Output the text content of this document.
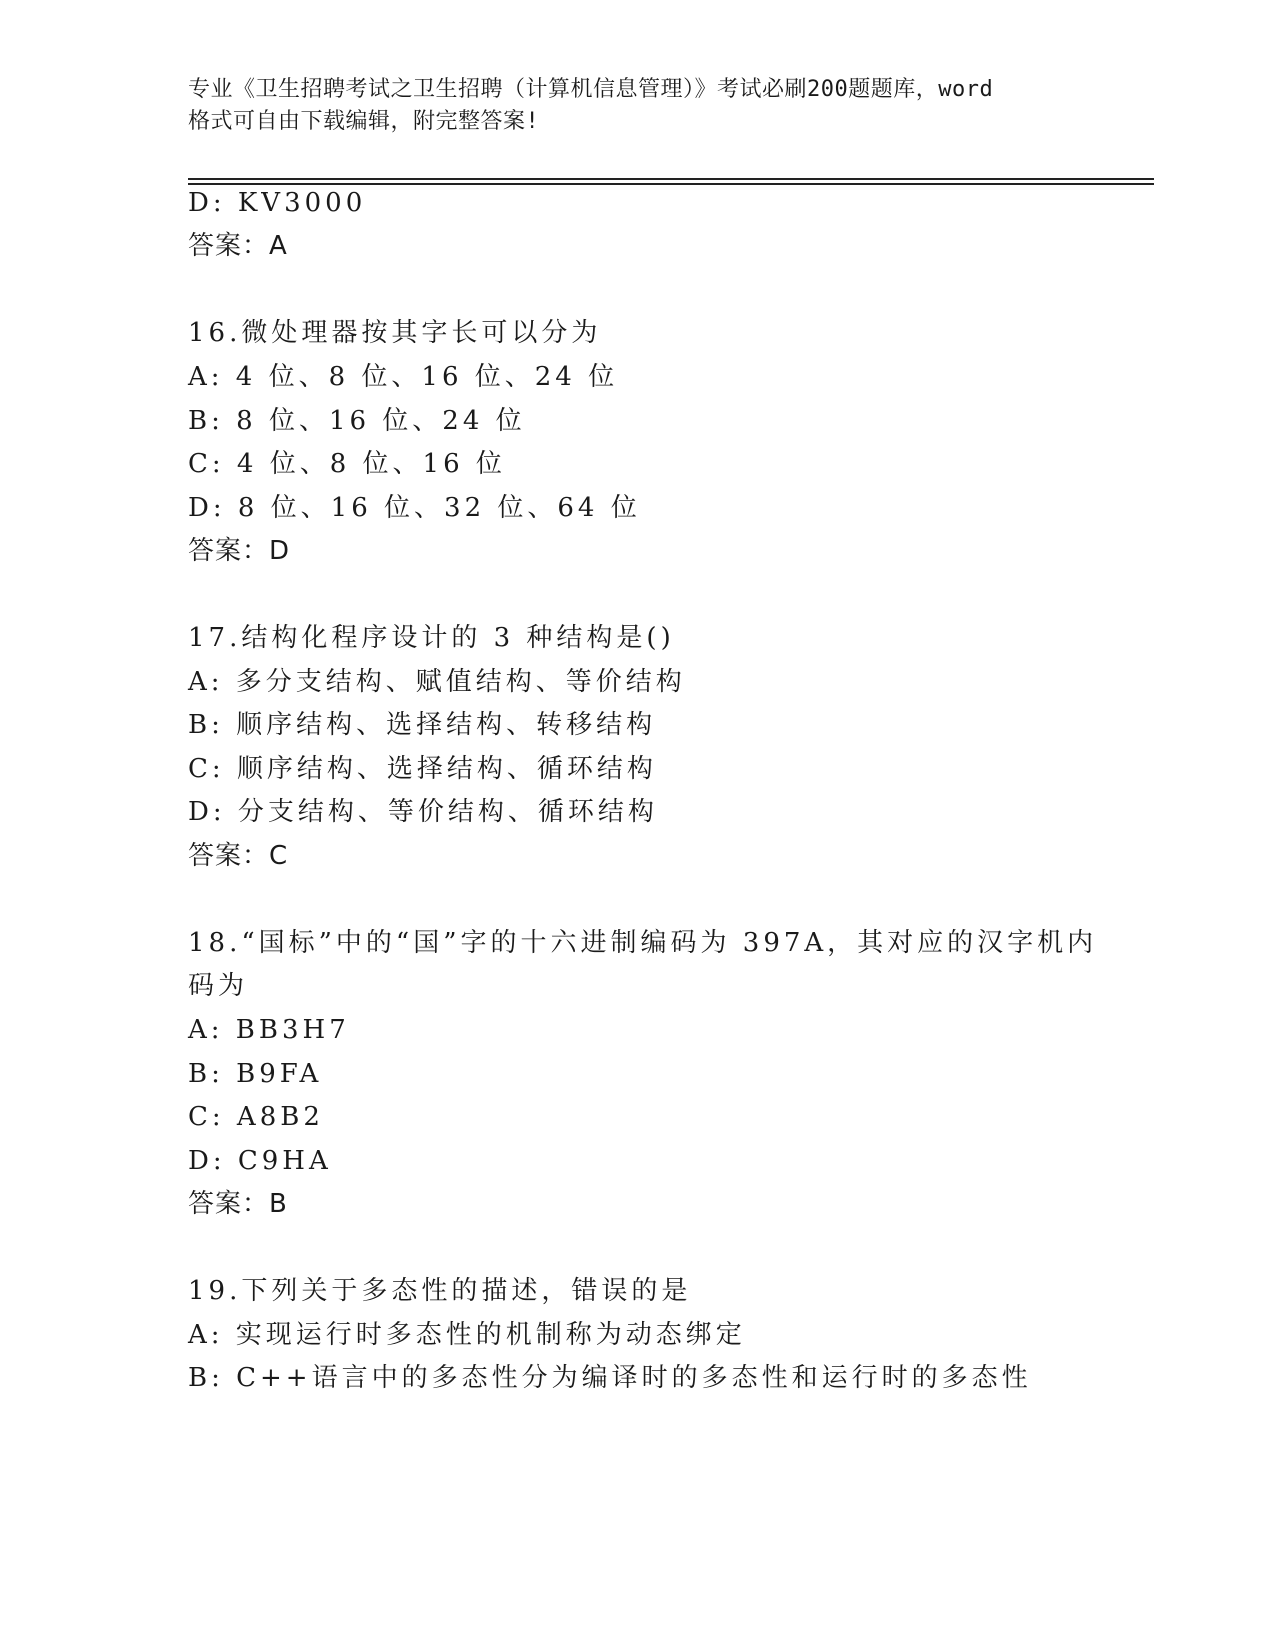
专业《卫生招聘考试之卫生招聘（计算机信息管理）》考试必刷200题题库，word
格式可自由下载编辑，附完整答案!
D: KV3000
答案：A
16.微处理器按其字长可以分为
A: 4 位、8 位、16 位、24 位
B: 8 位、16 位、24 位
C: 4 位、8 位、16 位
D: 8 位、16 位、32 位、64 位
答案：D
17.结构化程序设计的 3 种结构是()
A: 多分支结构、赋值结构、等价结构
B: 顺序结构、选择结构、转移结构
C: 顺序结构、选择结构、循环结构
D: 分支结构、等价结构、循环结构
答案：C
18.“国标”中的“国”字的十六进制编码为 397A，其对应的汉字机内
码为
A: BB3H7
B: B9FA
C: A8B2
D: C9HA
答案：B
19.下列关于多态性的描述，错误的是
A: 实现运行时多态性的机制称为动态绑定
B: C++语言中的多态性分为编译时的多态性和运行时的多态性
